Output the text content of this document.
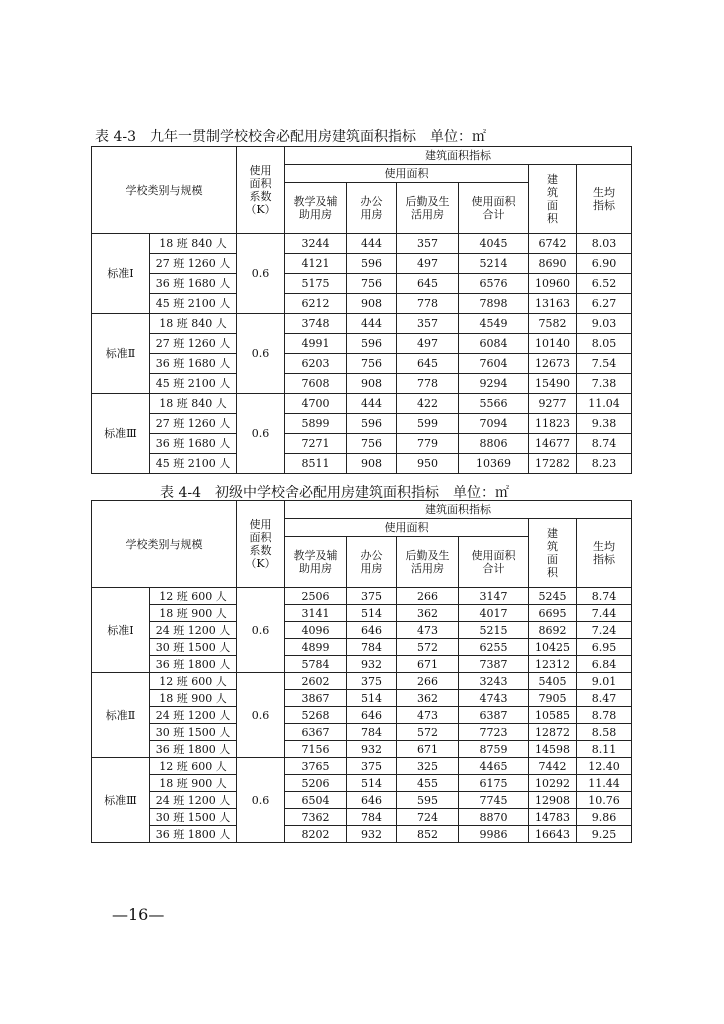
表 4-3　九年一贯制学校校舍必配用房建筑面积指标　单位：㎡
学校类别与规模		使用面积系数（K）	建筑面积指标					
			使用面积				建筑面积	生均指标
			教学及辅助用房	办公用房	后勤及生活用房	使用面积合计		
标准Ⅰ	18 班 840 人	0.6	3244	444	357	4045	6742	8.03
	27 班 1260 人		4121	596	497	5214	8690	6.90
	36 班 1680 人		5175	756	645	6576	10960	6.52
	45 班 2100 人		6212	908	778	7898	13163	6.27
标准Ⅱ	18 班 840 人	0.6	3748	444	357	4549	7582	9.03
	27 班 1260 人		4991	596	497	6084	10140	8.05
	36 班 1680 人		6203	756	645	7604	12673	7.54
	45 班 2100 人		7608	908	778	9294	15490	7.38
标准Ⅲ	18 班 840 人	0.6	4700	444	422	5566	9277	11.04
	27 班 1260 人		5899	596	599	7094	11823	9.38
	36 班 1680 人		7271	756	779	8806	14677	8.74
	45 班 2100 人		8511	908	950	10369	17282	8.23
表 4-4　初级中学校舍必配用房建筑面积指标　单位：㎡
学校类别与规模		使用面积系数（K）	建筑面积指标					
			使用面积				建筑面积	生均指标
			教学及辅助用房	办公用房	后勤及生活用房	使用面积合计		
标准Ⅰ	12 班 600 人	0.6	2506	375	266	3147	5245	8.74
	18 班 900 人		3141	514	362	4017	6695	7.44
	24 班 1200 人		4096	646	473	5215	8692	7.24
	30 班 1500 人		4899	784	572	6255	10425	6.95
	36 班 1800 人		5784	932	671	7387	12312	6.84
标准Ⅱ	12 班 600 人	0.6	2602	375	266	3243	5405	9.01
	18 班 900 人		3867	514	362	4743	7905	8.47
	24 班 1200 人		5268	646	473	6387	10585	8.78
	30 班 1500 人		6367	784	572	7723	12872	8.58
	36 班 1800 人		7156	932	671	8759	14598	8.11
标准Ⅲ	12 班 600 人	0.6	3765	375	325	4465	7442	12.40
	18 班 900 人		5206	514	455	6175	10292	11.44
	24 班 1200 人		6504	646	595	7745	12908	10.76
	30 班 1500 人		7362	784	724	8870	14783	9.86
	36 班 1800 人		8202	932	852	9986	16643	9.25
—16—
